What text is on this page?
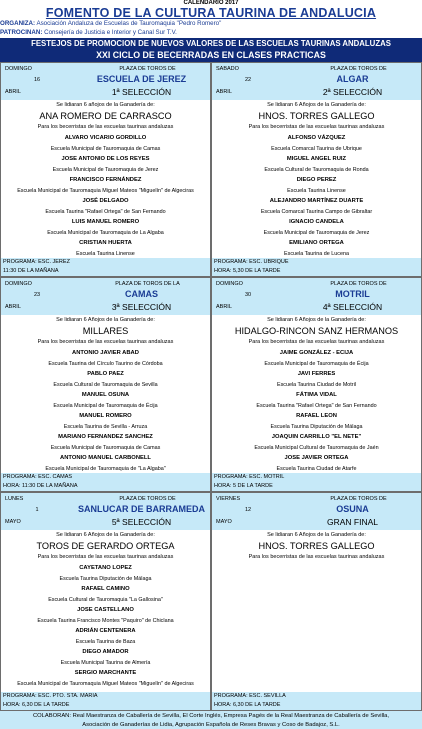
CALENDARIO 2017
FOMENTO DE LA CULTURA TAURINA DE ANDALUCIA
ORGANIZA: Asociación Andaluza de Escuelas de Tauromaquia "Pedro Romero"
PATROCINAN: Consejería de Justicia e Interior y Canal Sur T.V.
FESTEJOS DE PROMOCION DE NUEVOS VALORES DE LAS ESCUELAS TAURINAS ANDALUZAS
XXI CICLO DE BECERRADAS EN CLASES PRACTICAS
DOMINGO
16
ABRIL
PLAZA DE TOROS DE
ESCUELA DE JEREZ
1ª SELECCIÓN
Se lidiaran 6 añojos de la Ganadería de:
ANA ROMERO DE CARRASCO
Para los becerristas de las escuelas taurinas andaluzas
ALVARO VICARIO GORDILLO
Escuela Municipal de Tauromaquia de Camas
JOSE ANTONIO DE LOS REYES
Escuela Municipal de Tauromaquia de Jerez
FRANCISCO FERNÁNDEZ
Escuela Municipal de Tauromaquia Miguel Mateos "Miguelín" de Algeciras
JOSÉ DELGADO
Escuela Taurina "Rafael Ortega" de San Fernando
LUIS MANUEL ROMERO
Escuela Municipal de Tauromaquia de La Algaba
CRISTIAN HUERTA
Escuela Taurina Linense
PROGRAMA: ESC. JEREZ
11:30 DE LA MAÑANA
SABADO
22
ABRIL
PLAZA DE TOROS DE
ALGAR
2ª SELECCIÓN
Se lidiaran 6 Añojos de la Ganadería de:
HNOS. TORRES GALLEGO
Para los becerristas de las escuelas taurinas andaluzas
ALFONSO VÁZQUEZ
Escuela Comarcal Taurina de Ubrique
MIGUEL ANGEL RUIZ
Escuela Cultural de Tauromaquia de Ronda
DIEGO PEREZ
Escuela Taurina Linense
ALEJANDRO MARTÍNEZ DUARTE
Escuela Comarcal Taurina Campo de Gibraltar
IGNACIO CANDELA
Escuela Municipal de Tauromaquia de Jerez
EMILIANO ORTEGA
Escuela Taurina de Lucena
PROGRAMA: ESC. UBRIQUE
HORA: 5,30 DE LA TARDE
DOMINGO
23
ABRIL
PLAZA DE TOROS DE LA
CAMAS
3ª SELECCIÓN
Se lidiaran 6 Añojos de la Ganadería de:
MILLARES
Para los becerristas de las escuelas taurinas andaluzas
ANTONIO JAVIER ABAD
Escuela Taurina del Círculo Taurino de Córdoba
PABLO PAEZ
Escuela Cultural de Tauromaquia de Sevilla
MANUEL OSUNA
Escuela Municipal de Tauromaquia de Écija
MANUEL ROMERO
Escuela Taurina de Sevilla - Arruza
MARIANO FERNANDEZ SANCHEZ
Escuela Municipal de Tauromaquia de Camas
ANTONIO MANUEL CARBONELL
Escuela Municipal de Tauromaquia de "La Algaba"
PROGRAMA: ESC. CAMAS
HORA: 11:30 DE LA MAÑANA
DOMINGO
30
ABRIL
PLAZA DE TOROS DE
MOTRIL
4ª SELECCIÓN
Se lidiaran 6 Añojos de la Ganadería de:
HIDALGO-RINCON SANZ HERMANOS
Para los becerristas de las escuelas taurinas andaluzas
JAIME GONZÁLEZ - ECIJA
Escuela Municipal de Tauromaquia de Écija
JAVI FERRES
Escuela Taurina Ciudad de Motril
FÁTIMA VIDAL
Escuela Taurina "Rafael Ortega" de San Fernando
RAFAEL LEON
Escuela Taurina Diputación de Málaga
JOAQUIN CARRILLO "EL NETE"
Escuela Municipal Cultural de Tauromaquia de Jaén
JOSE JAVIER ORTEGA
Escuela Taurina Ciudad de Atarfe
PROGRAMA: ESC. MOTRIL
HORA: 5 DE LA TARDE
LUNES
1
MAYO
PLAZA DE TOROS DE
SANLUCAR DE BARRAMEDA
5ª SELECCIÓN
Se lidiaran 6 Añojos de la Ganadería de:
TOROS DE GERARDO ORTEGA
Para los becerristas de las escuelas taurinas andaluzas
CAYETANO LOPEZ
Escuela Taurina Diputación de Málaga
RAFAEL CAMINO
Escuela Cultural de Tauromaquia "La Gallosina"
JOSE CASTELLANO
Escuela Taurina Francisco Montes "Paquiro" de Chiclana
ADRIÁN CENTENERA
Escuela Taurina de Baza
DIEGO AMADOR
Escuela Municipal Taurina de Almería
SERGIO MARCHANTE
Escuela Municipal de Tauromaquia Miguel Mateos "Miguelín" de Algeciras
PROGRAMA: ESC. PTO. STA. MARIA
HORA: 6,30 DE LA TARDE
VIERNES
12
MAYO
PLAZA DE TOROS DE
OSUNA
GRAN FINAL
Se lidiaran 6 Añojos de la Ganadería de:
HNOS. TORRES GALLEGO
Para los becerristas de las escuelas taurinas andaluzas
PROGRAMA: ESC. SEVILLA
HORA: 6,30 DE LA TARDE
COLABORAN: Real Maestranza de Caballería de Sevilla, El Corte Inglés, Empresa Pagés de la Real Maestranza de Caballería de Sevilla,
Asociación de Ganaderías de Lidia, Agrupación Española de Reses Bravas y Coso de Badajoz, S.L.
